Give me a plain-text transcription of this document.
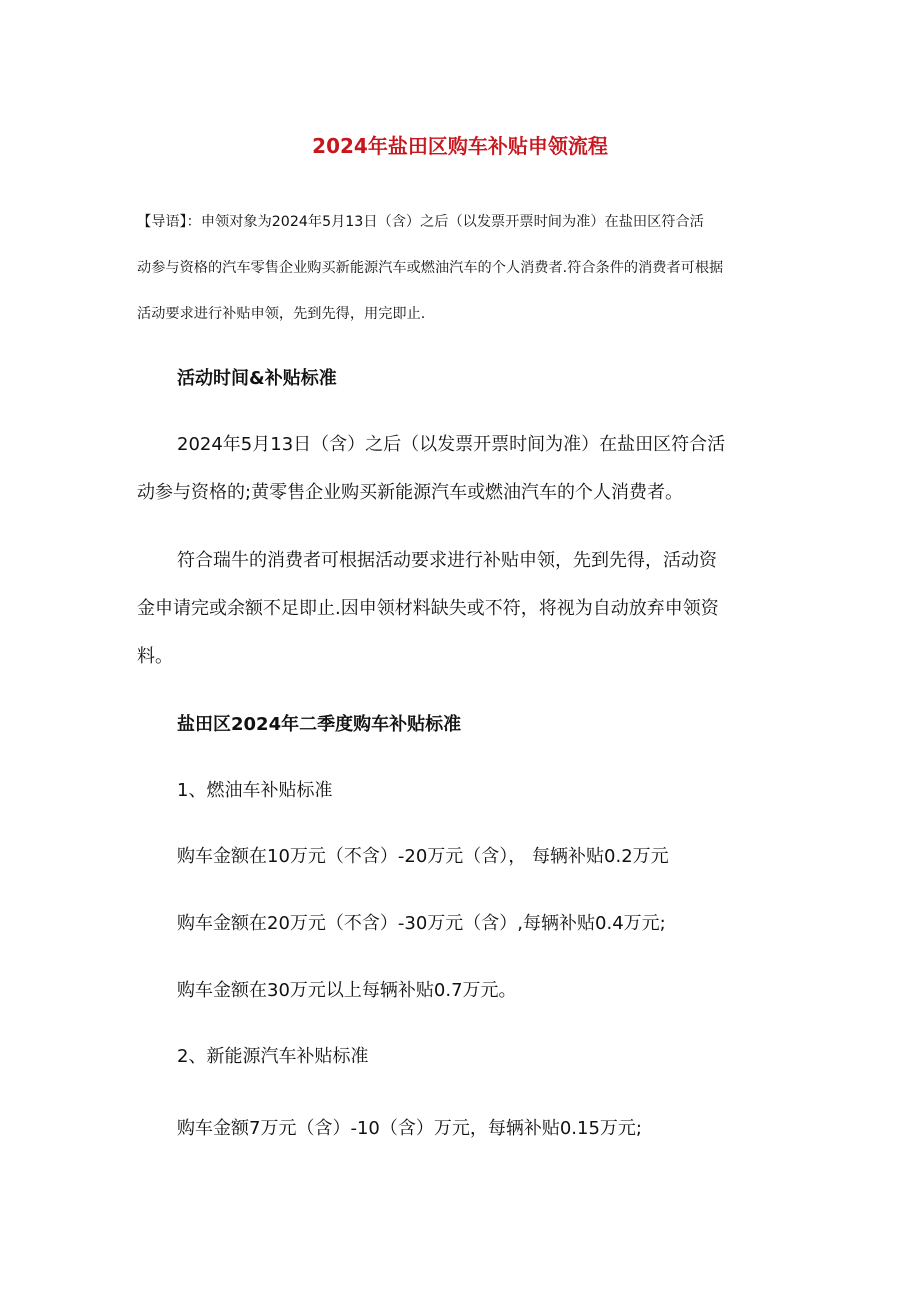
2024年盐田区购车补贴申领流程
【导语】：申领对象为2024年5月13日（含）之后（以发票开票时间为准）在盐田区符合活
动参与资格的汽车零售企业购买新能源汽车或燃油汽车的个人消费者.符合条件的消费者可根据
活动要求进行补贴申领，先到先得，用完即止.
活动时间&补贴标准
2024年5月13日（含）之后（以发票开票时间为准）在盐田区符合活
动参与资格的;黄零售企业购买新能源汽车或燃油汽车的个人消费者。
符合瑞牛的消费者可根据活动要求进行补贴申领，先到先得，活动资
金申请完或余额不足即止.因申领材料缺失或不符，将视为自动放弃申领资
料。
盐田区2024年二季度购车补贴标准
1、燃油车补贴标准
购车金额在10万元（不含）-20万元（含）， 每辆补贴0.2万元
购车金额在20万元（不含）-30万元（含）,每辆补贴0.4万元;
购车金额在30万元以上每辆补贴0.7万元。
2、新能源汽车补贴标准
购车金额7万元（含）-10（含）万元，每辆补贴0.15万元;
